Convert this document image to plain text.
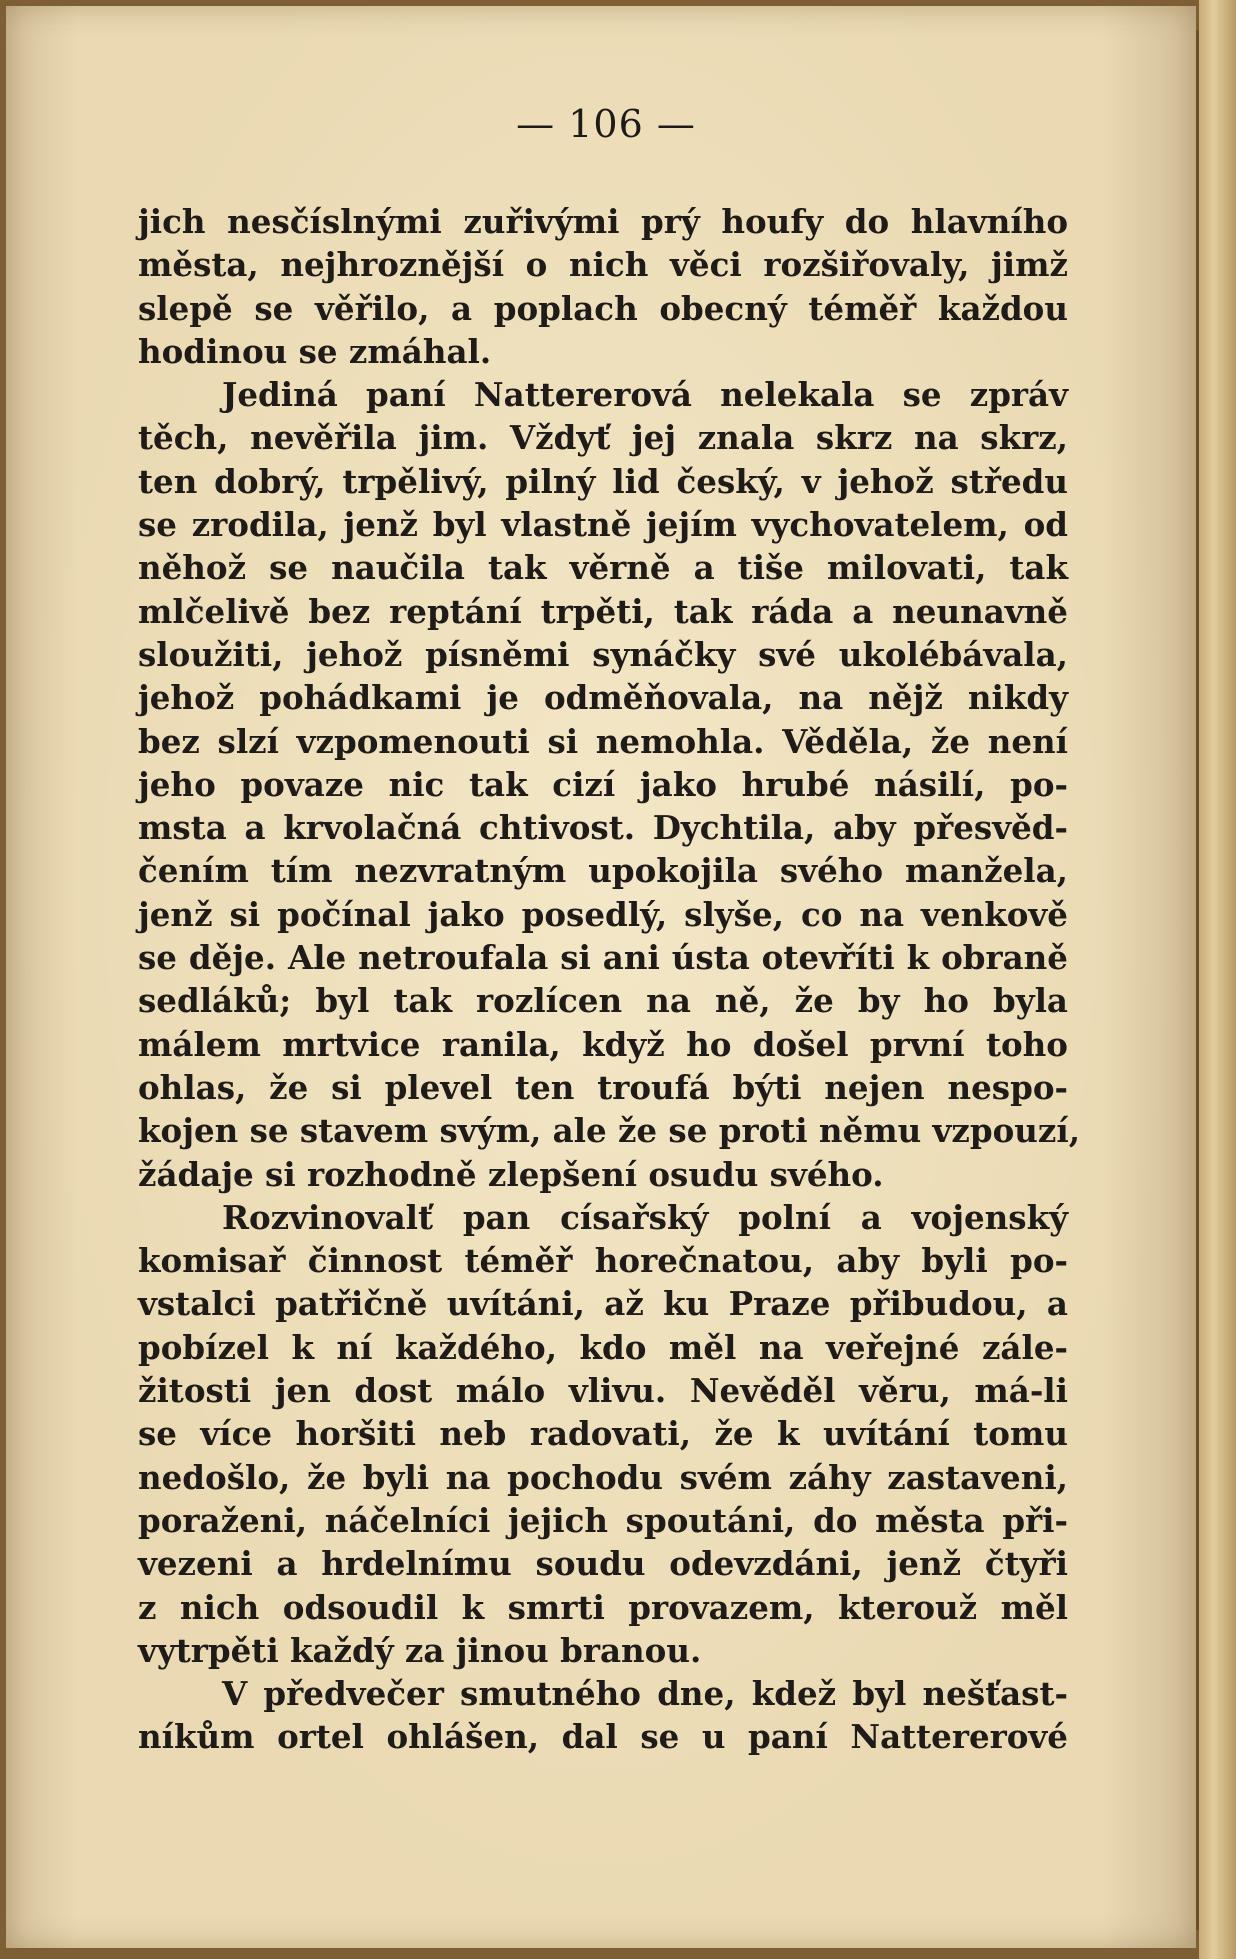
— 106 —
jich nesčíslnými zuřivými prý houfy do hlavního
města, nejhroznější o nich věci rozšiřovaly, jimž
slepě se věřilo, a poplach obecný téměř každou
hodinou se zmáhal.
Jediná paní Nattererová nelekala se zpráv
těch, nevěřila jim. Vždyť jej znala skrz na skrz,
ten dobrý, trpělivý, pilný lid český, v jehož středu
se zrodila, jenž byl vlastně jejím vychovatelem, od
něhož se naučila tak věrně a tiše milovati, tak
mlčelivě bez reptání trpěti, tak ráda a neunavně
sloužiti, jehož písněmi synáčky své ukolébávala,
jehož pohádkami je odměňovala, na nějž nikdy
bez slzí vzpomenouti si nemohla. Věděla, že není
jeho povaze nic tak cizí jako hrubé násilí, po-
msta a krvolačná chtivost. Dychtila, aby přesvěd-
čením tím nezvratným upokojila svého manžela,
jenž si počínal jako posedlý, slyše, co na venkově
se děje. Ale netroufala si ani ústa otevříti k obraně
sedláků; byl tak rozlícen na ně, že by ho byla
málem mrtvice ranila, když ho došel první toho
ohlas, že si plevel ten troufá býti nejen nespo-
kojen se stavem svým, ale že se proti němu vzpouzí,
žádaje si rozhodně zlepšení osudu svého.
Rozvinovalť pan císařský polní a vojenský
komisař činnost téměř horečnatou, aby byli po-
vstalci patřičně uvítáni, až ku Praze přibudou, a
pobízel k ní každého, kdo měl na veřejné zále-
žitosti jen dost málo vlivu. Nevěděl věru, má-li
se více horšiti neb radovati, že k uvítání tomu
nedošlo, že byli na pochodu svém záhy zastaveni,
poraženi, náčelníci jejich spoutáni, do města při-
vezeni a hrdelnímu soudu odevzdáni, jenž čtyři
z nich odsoudil k smrti provazem, kterouž měl
vytrpěti každý za jinou branou.
V předvečer smutného dne, kdež byl nešťast-
níkům ortel ohlášen, dal se u paní Nattererové
